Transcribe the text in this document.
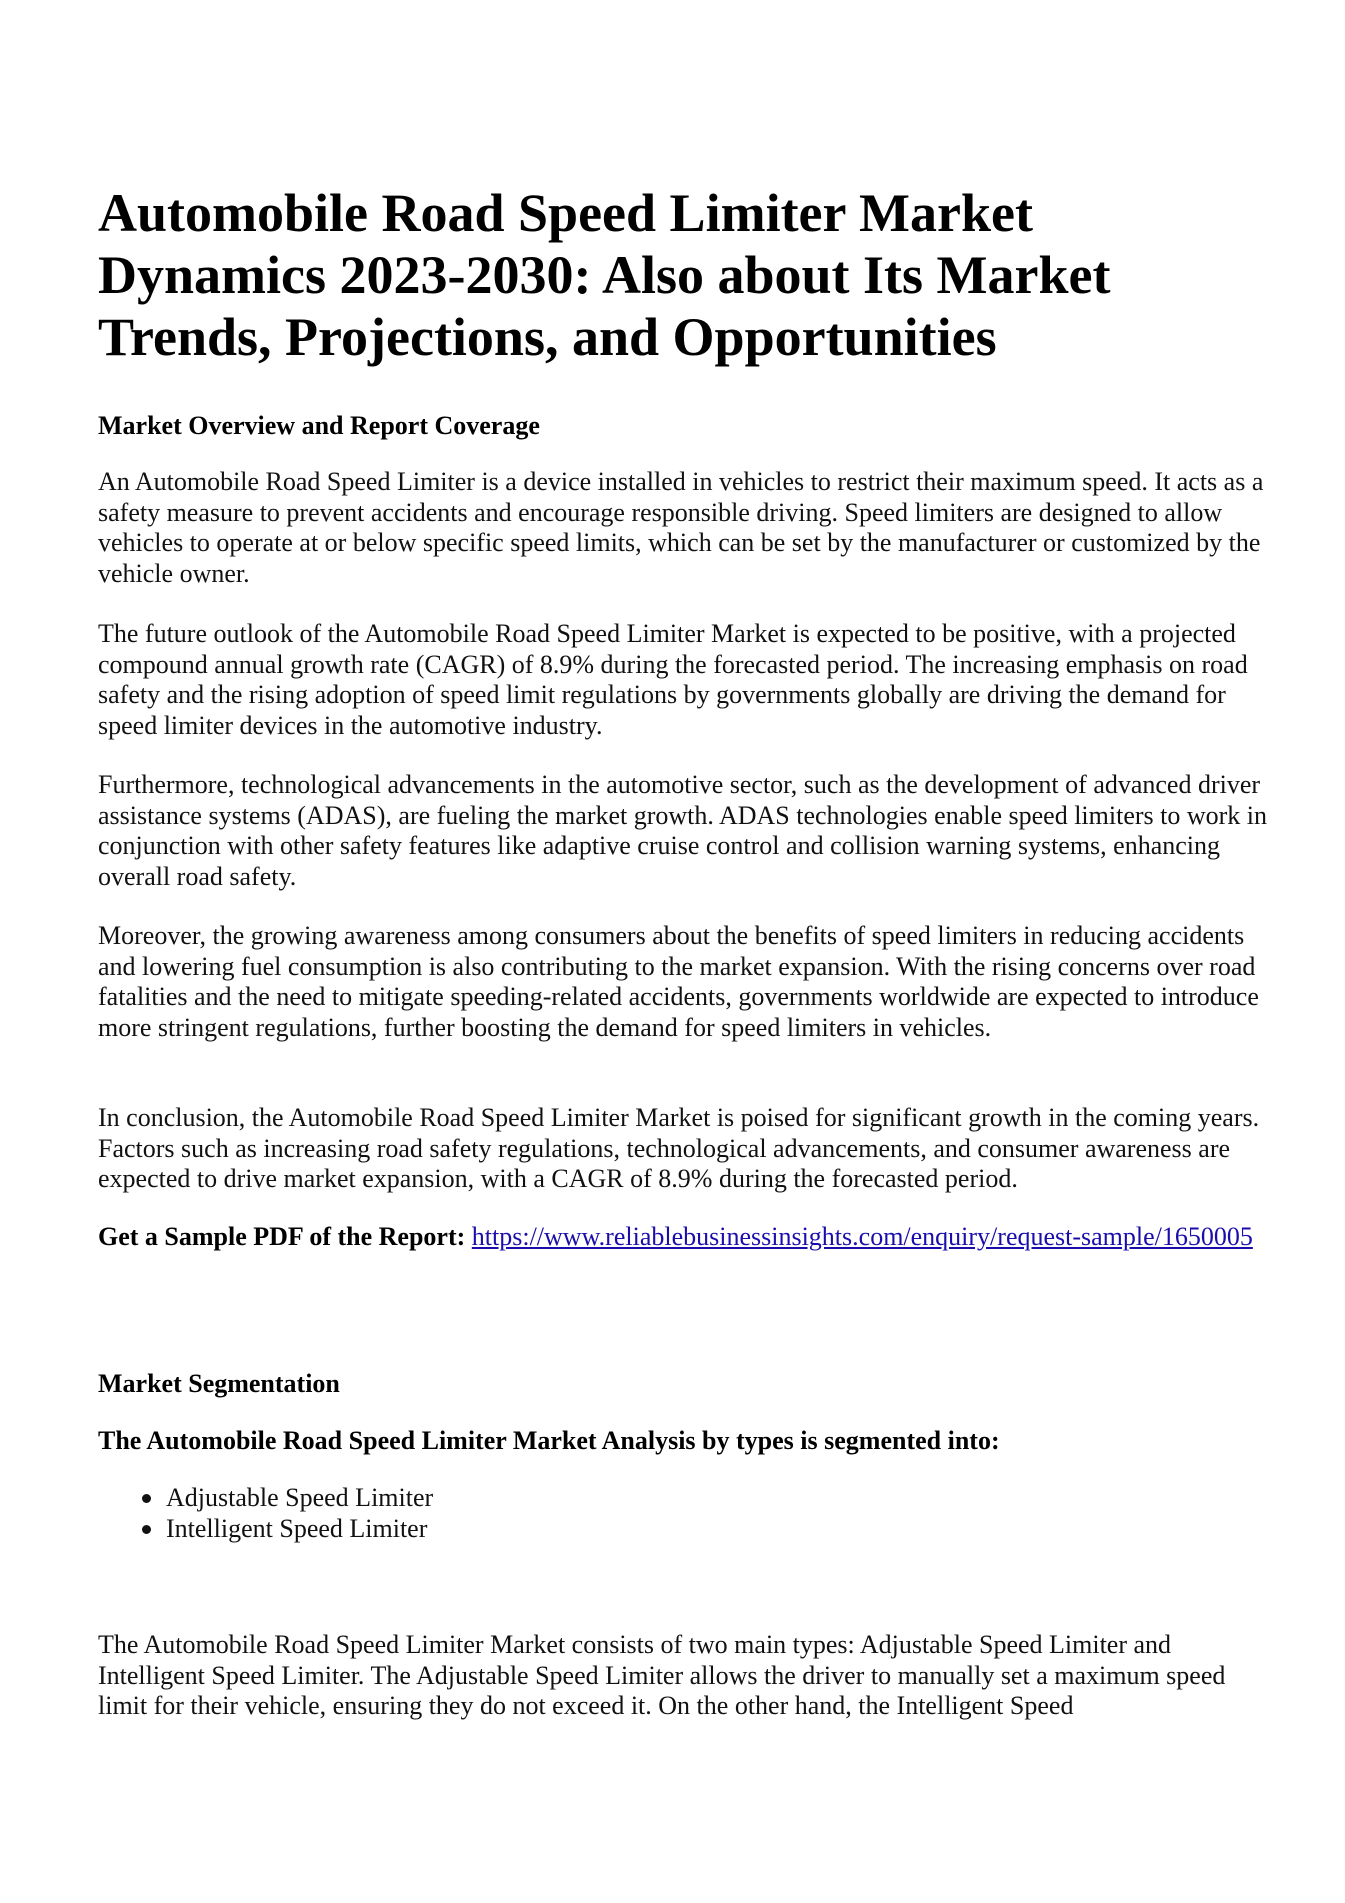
Automobile Road Speed Limiter Market Dynamics 2023-2030: Also about Its Market Trends, Projections, and Opportunities
Market Overview and Report Coverage

An Automobile Road Speed Limiter is a device installed in vehicles to restrict their maximum speed. It acts as a safety measure to prevent accidents and encourage responsible driving. Speed limiters are designed to allow vehicles to operate at or below specific speed limits, which can be set by the manufacturer or customized by the vehicle owner.

The future outlook of the Automobile Road Speed Limiter Market is expected to be positive, with a projected compound annual growth rate (CAGR) of 8.9% during the forecasted period. The increasing emphasis on road safety and the rising adoption of speed limit regulations by governments globally are driving the demand for speed limiter devices in the automotive industry.

Furthermore, technological advancements in the automotive sector, such as the development of advanced driver assistance systems (ADAS), are fueling the market growth. ADAS technologies enable speed limiters to work in conjunction with other safety features like adaptive cruise control and collision warning systems, enhancing overall road safety.

Moreover, the growing awareness among consumers about the benefits of speed limiters in reducing accidents and lowering fuel consumption is also contributing to the market expansion. With the rising concerns over road fatalities and the need to mitigate speeding-related accidents, governments worldwide are expected to introduce more stringent regulations, further boosting the demand for speed limiters in vehicles.

In conclusion, the Automobile Road Speed Limiter Market is poised for significant growth in the coming years. Factors such as increasing road safety regulations, technological advancements, and consumer awareness are expected to drive market expansion, with a CAGR of 8.9% during the forecasted period.

Get a Sample PDF of the Report: https://www.reliablebusinessinsights.com/enquiry/request-sample/1650005

Market Segmentation
The Automobile Road Speed Limiter Market Analysis by types is segmented into:
Adjustable Speed Limiter
Intelligent Speed Limiter

The Automobile Road Speed Limiter Market consists of two main types: Adjustable Speed Limiter and Intelligent Speed Limiter. The Adjustable Speed Limiter allows the driver to manually set a maximum speed limit for their vehicle, ensuring they do not exceed it. On the other hand, the Intelligent Speed
